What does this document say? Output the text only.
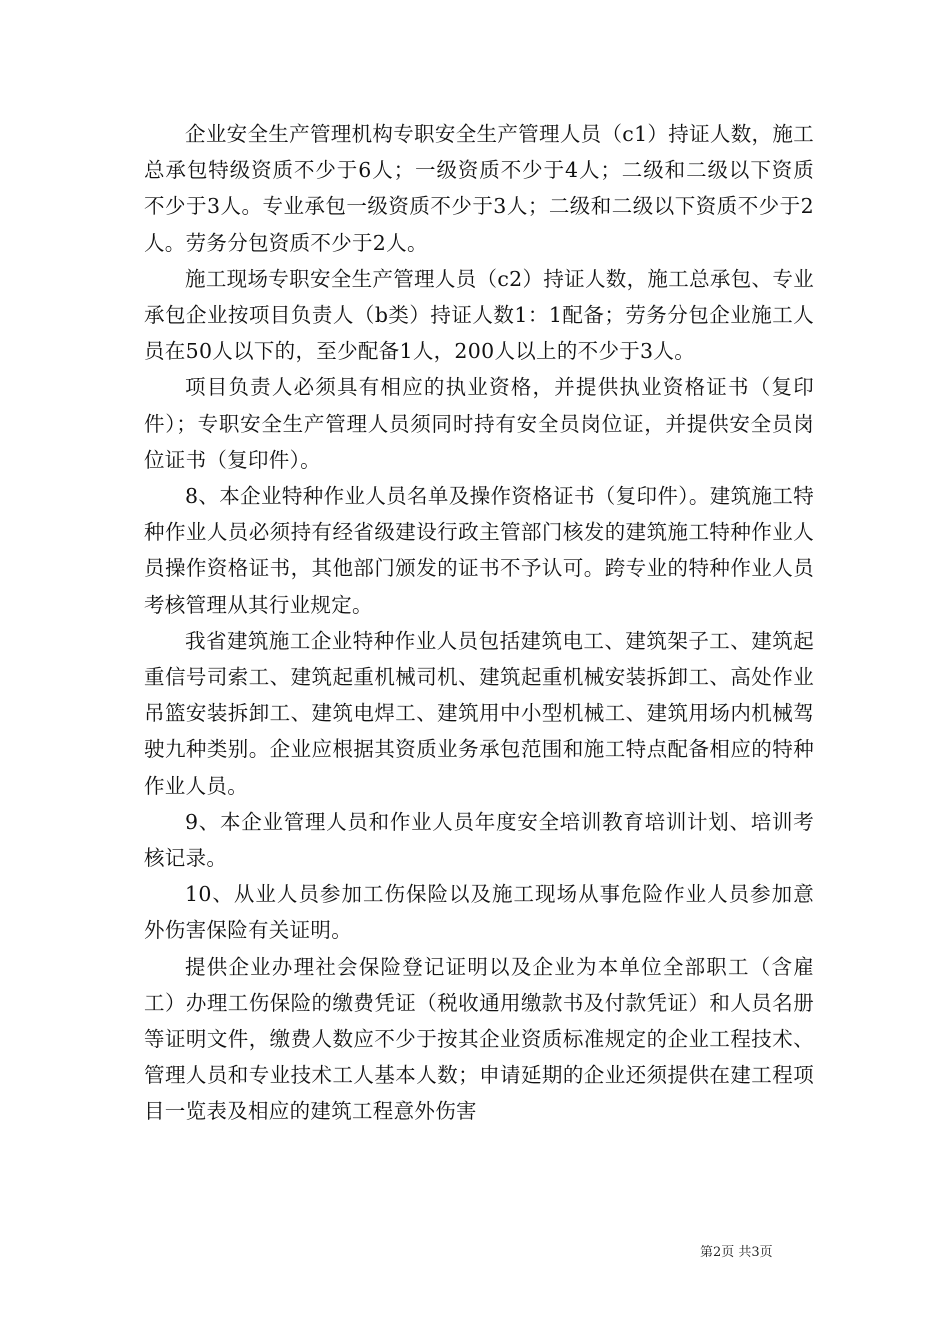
企业安全生产管理机构专职安全生产管理人员（c1）持证人数，施工总承包特级资质不少于6人；一级资质不少于4人；二级和二级以下资质不少于3人。专业承包一级资质不少于3人；二级和二级以下资质不少于2人。劳务分包资质不少于2人。

施工现场专职安全生产管理人员（c2）持证人数，施工总承包、专业承包企业按项目负责人（b类）持证人数1：1配备；劳务分包企业施工人员在50人以下的，至少配备1人，200人以上的不少于3人。

项目负责人必须具有相应的执业资格，并提供执业资格证书（复印件）；专职安全生产管理人员须同时持有安全员岗位证，并提供安全员岗位证书（复印件）。

8、本企业特种作业人员名单及操作资格证书（复印件）。建筑施工特种作业人员必须持有经省级建设行政主管部门核发的建筑施工特种作业人员操作资格证书，其他部门颁发的证书不予认可。跨专业的特种作业人员考核管理从其行业规定。

我省建筑施工企业特种作业人员包括建筑电工、建筑架子工、建筑起重信号司索工、建筑起重机械司机、建筑起重机械安装拆卸工、高处作业吊篮安装拆卸工、建筑电焊工、建筑用中小型机械工、建筑用场内机械驾驶九种类别。企业应根据其资质业务承包范围和施工特点配备相应的特种作业人员。

9、本企业管理人员和作业人员年度安全培训教育培训计划、培训考核记录。

10、从业人员参加工伤保险以及施工现场从事危险作业人员参加意外伤害保险有关证明。

提供企业办理社会保险登记证明以及企业为本单位全部职工（含雇工）办理工伤保险的缴费凭证（税收通用缴款书及付款凭证）和人员名册等证明文件，缴费人数应不少于按其企业资质标准规定的企业工程技术、管理人员和专业技术工人基本人数；申请延期的企业还须提供在建工程项目一览表及相应的建筑工程意外伤害

第2页 共3页
